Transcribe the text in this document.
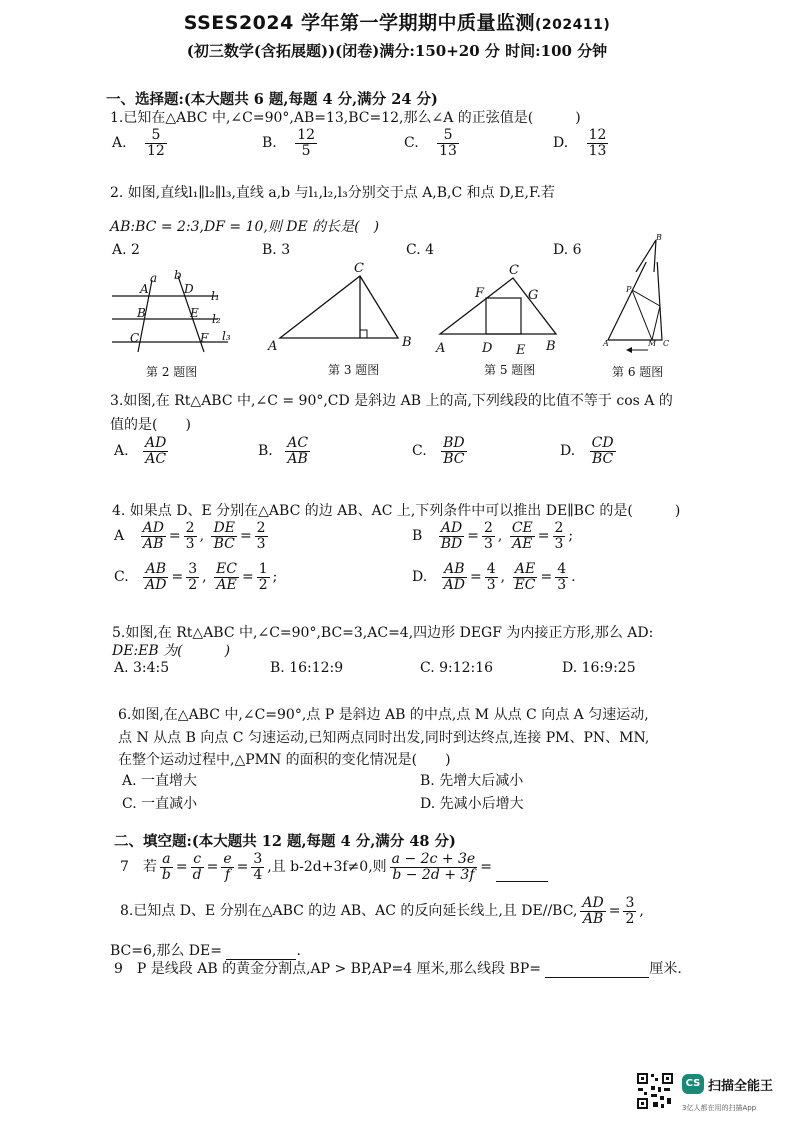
SSES2024 学年第一学期期中质量监测(202411)
(初三数学(含拓展题))(闭卷)满分:150+20 分 时间:100 分钟
一、选择题:(本大题共 6 题,每题 4 分,满分 24 分)
1.已知在△ABC 中,∠C=90°,AB=13,BC=12,那么∠A 的正弦值是(　　　)
A. $\frac{5}{12}$	B. $\frac{12}{5}$	C. $\frac{5}{13}$	D. $\frac{12}{13}$
2. 如图,直线l₁∥l₂∥l₃,直线 a,b 与l₁,l₂,l₃分别交于点 A,B,C 和点 D,E,F.若
AB:BC = 2:3,DF = 10,则 DE 的长是(　)
A. 2	B. 3	C. 4	D. 6
a b
A
B
C
D
E
F
l₁
l₂
l₃
第 2 题图
A	B
C
第 3 题图
A	D E B
C
F	G
第 5 题图
A	C
M
P
第 6 题图
B
3.如图,在 Rt△ABC 中,∠C = 90°,CD 是斜边 AB 上的高,下列线段的比值不等于 cos A 的
值的是(　　)
A. $\frac{AD}{AC}$	B. $\frac{AC}{AB}$	C. $\frac{BD}{BC}$	D. $\frac{CD}{BC}$
4. 如果点 D、E 分别在△ABC 的边 AB、AC 上,下列条件中可以推出 DE∥BC 的是(　　　)
A $\frac{AD}{AB} = \frac{2}{3}$ , $\frac{DE}{BC} = \frac{2}{3}$	B $\frac{AD}{BD} = \frac{2}{3}$ , $\frac{CE}{AE} = \frac{2}{3}$ ;
C. $\frac{AB}{AD} = \frac{3}{2}$ , $\frac{EC}{AE} = \frac{1}{2}$ ;	D. $\frac{AB}{AD} = \frac{4}{3}$ , $\frac{AE}{EC} = \frac{4}{3}$ .
5.如图,在 Rt△ABC 中,∠C=90°,BC=3,AC=4,四边形 DEGF 为内接正方形,那么 AD:
DE:EB 为(　　　)
A. 3:4:5	B. 16:12:9	C. 9:12:16	D. 16:9:25
6.如图,在△ABC 中,∠C=90°,点 P 是斜边 AB 的中点,点 M 从点 C 向点 A 匀速运动,
点 N 从点 B 向点 C 匀速运动,已知两点同时出发,同时到达终点,连接 PM、PN、MN,
在整个运动过程中,△PMN 的面积的变化情况是(　　)
A. 一直增大	B. 先增大后减小
C. 一直减小	D. 先减小后增大
二、填空题:(本大题共 12 题,每题 4 分,满分 48 分)
7　若 $\frac{a}{b} = \frac{c}{d} = \frac{e}{f} = \frac{3}{4}$ ,且 b-2d+3f≠0,则 $\frac{a - 2c + 3e}{b - 2d + 3f}$ =
8.已知点 D、E 分别在△ABC 的边 AB、AC 的反向延长线上,且 DE//BC, $\frac{AD}{AB} = \frac{3}{2}$ ,
BC=6,那么 DE=	.
9　P 是线段 AB 的黄金分割点,AP > BP,AP=4 厘米,那么线段 BP=	厘米.
CS 扫描全能王
3亿人都在用的扫描App
